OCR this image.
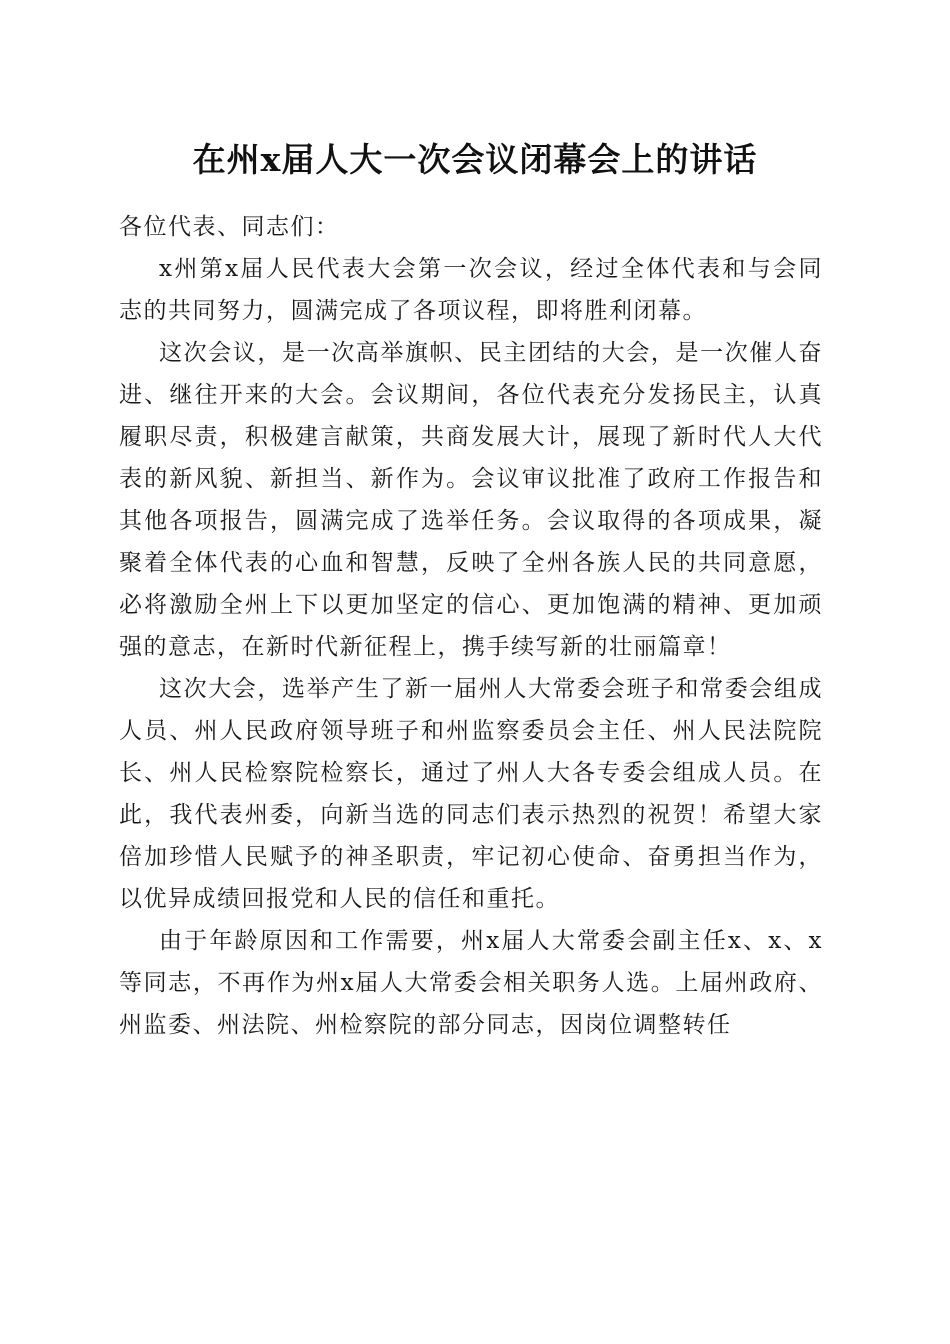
在州x届人大一次会议闭幕会上的讲话

各位代表、同志们：

x州第x届人民代表大会第一次会议，经过全体代表和与会同志的共同努力，圆满完成了各项议程，即将胜利闭幕。

这次会议，是一次高举旗帜、民主团结的大会，是一次催人奋进、继往开来的大会。会议期间，各位代表充分发扬民主，认真履职尽责，积极建言献策，共商发展大计，展现了新时代人大代表的新风貌、新担当、新作为。会议审议批准了政府工作报告和其他各项报告，圆满完成了选举任务。会议取得的各项成果，凝聚着全体代表的心血和智慧，反映了全州各族人民的共同意愿，必将激励全州上下以更加坚定的信心、更加饱满的精神、更加顽强的意志，在新时代新征程上，携手续写新的壮丽篇章！

这次大会，选举产生了新一届州人大常委会班子和常委会组成人员、州人民政府领导班子和州监察委员会主任、州人民法院院长、州人民检察院检察长，通过了州人大各专委会组成人员。在此，我代表州委，向新当选的同志们表示热烈的祝贺！希望大家倍加珍惜人民赋予的神圣职责，牢记初心使命、奋勇担当作为，以优异成绩回报党和人民的信任和重托。

由于年龄原因和工作需要，州x届人大常委会副主任x、x、x等同志，不再作为州x届人大常委会相关职务人选。上届州政府、州监委、州法院、州检察院的部分同志，因岗位调整转任
